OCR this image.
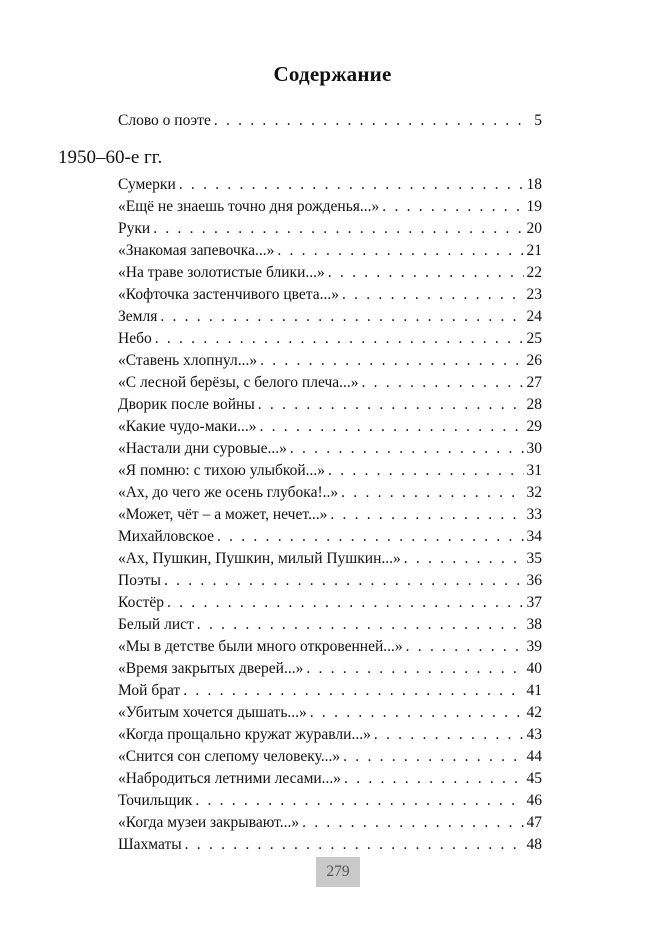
Содержание
Слово о поэте . . .	5
1950–60-е гг.
Сумерки . . .	18
«Ещё не знаешь точно дня рожденья...» . . .	19
Руки . . .	20
«Знакомая запевочка...» . . .	21
«На траве золотистые блики...» . . .	22
«Кофточка застенчивого цвета...» . . .	23
Земля . . .	24
Небо . . .	25
«Ставень хлопнул...» . . .	26
«С лесной берёзы, с белого плеча...» . . .	27
Дворик после войны . . .	28
«Какие чудо-маки...» . . .	29
«Настали дни суровые...» . . .	30
«Я помню: с тихою улыбкой...» . . .	31
«Ах, до чего же осень глубока!..» . . .	32
«Может, чёт – а может, нечет...» . . .	33
Михайловское . . .	34
«Ах, Пушкин, Пушкин, милый Пушкин...» . . .	35
Поэты . . .	36
Костёр . . .	37
Белый лист . . .	38
«Мы в детстве были много откровенней...» . . .	39
«Время закрытых дверей...» . . .	40
Мой брат . . .	41
«Убитым хочется дышать...» . . .	42
«Когда прощально кружат журавли...» . . .	43
«Снится сон слепому человеку...» . . .	44
«Набродиться летними лесами...» . . .	45
Точильщик . . .	46
«Когда музеи закрывают...» . . .	47
Шахматы . . .	48
279
